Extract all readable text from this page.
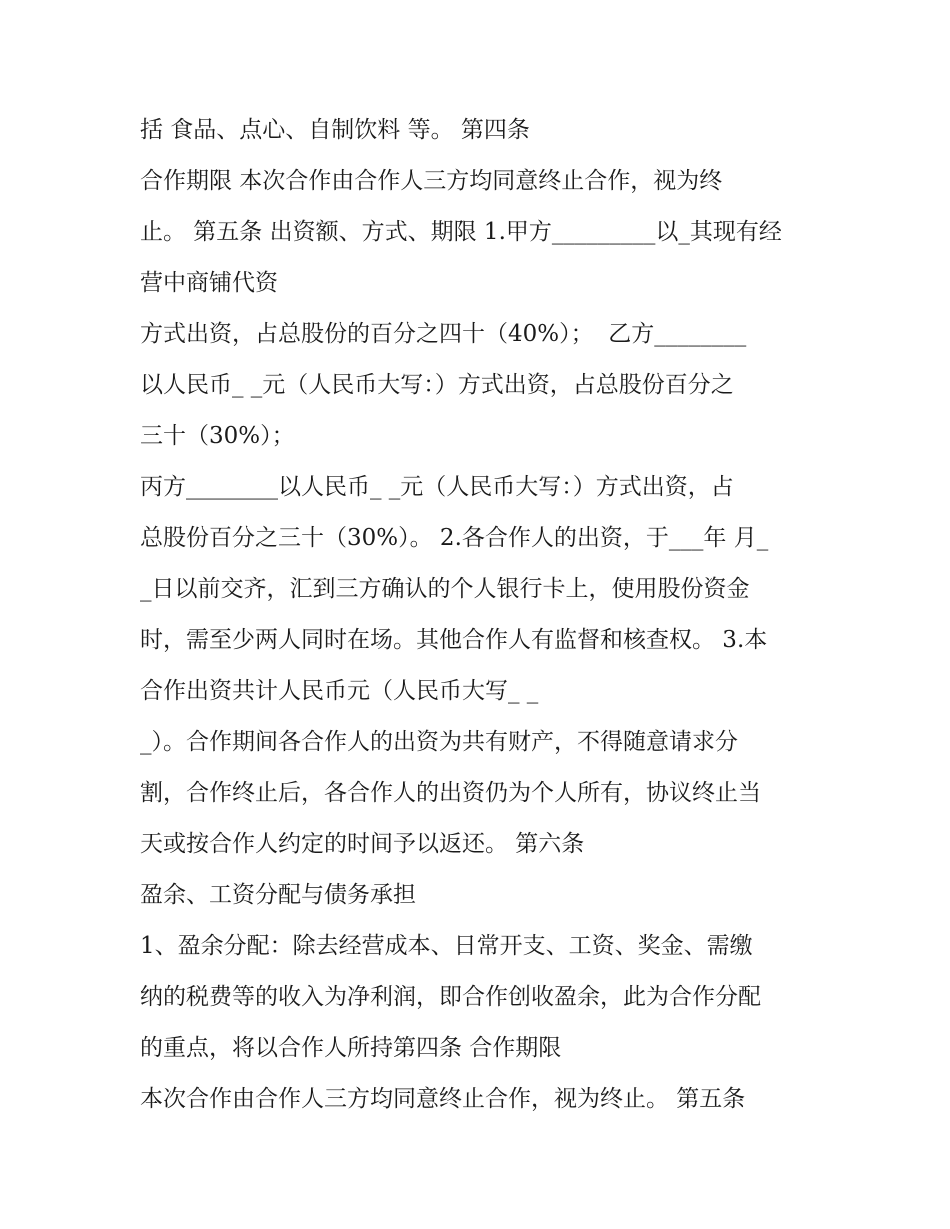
括 食品、点心、自制饮料 等。 第四条
合作期限 本次合作由合作人三方均同意终止合作，视为终
止。 第五条 出资额、方式、期限 1.甲方_________以_其现有经
营中商铺代资
方式出资，占总股份的百分之四十（40%）；  乙方________
以人民币_ _元（人民币大写：）方式出资，占总股份百分之
三十（30%）；
丙方________以人民币_ _元（人民币大写：）方式出资，占
总股份百分之三十（30%）。 2.各合作人的出资，于___年 月_
_日以前交齐，汇到三方确认的个人银行卡上，使用股份资金
时，需至少两人同时在场。其他合作人有监督和核查权。 3.本
合作出资共计人民币元（人民币大写_ _
_）。合作期间各合作人的出资为共有财产，不得随意请求分
割，合作终止后，各合作人的出资仍为个人所有，协议终止当
天或按合作人约定的时间予以返还。 第六条
盈余、工资分配与债务承担
1、盈余分配：除去经营成本、日常开支、工资、奖金、需缴
纳的税费等的收入为净利润，即合作创收盈余，此为合作分配
的重点，将以合作人所持第四条 合作期限
本次合作由合作人三方均同意终止合作，视为终止。 第五条
